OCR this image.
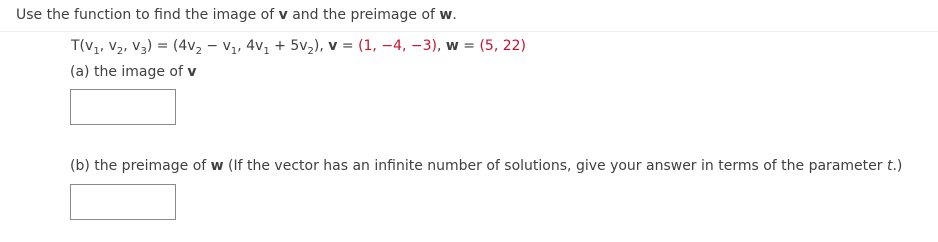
Use the function to find the image of v and the preimage of w.
$T(v_1$, $v_2$, $v_3) = (4v_2 - v_1$, $4v_1 + 5v_2$), v = (1, −4, −3), w = (5, 22)
(a) the image of v
(b) the preimage of w (If the vector has an infinite number of solutions, give your answer in terms of the parameter t.)
